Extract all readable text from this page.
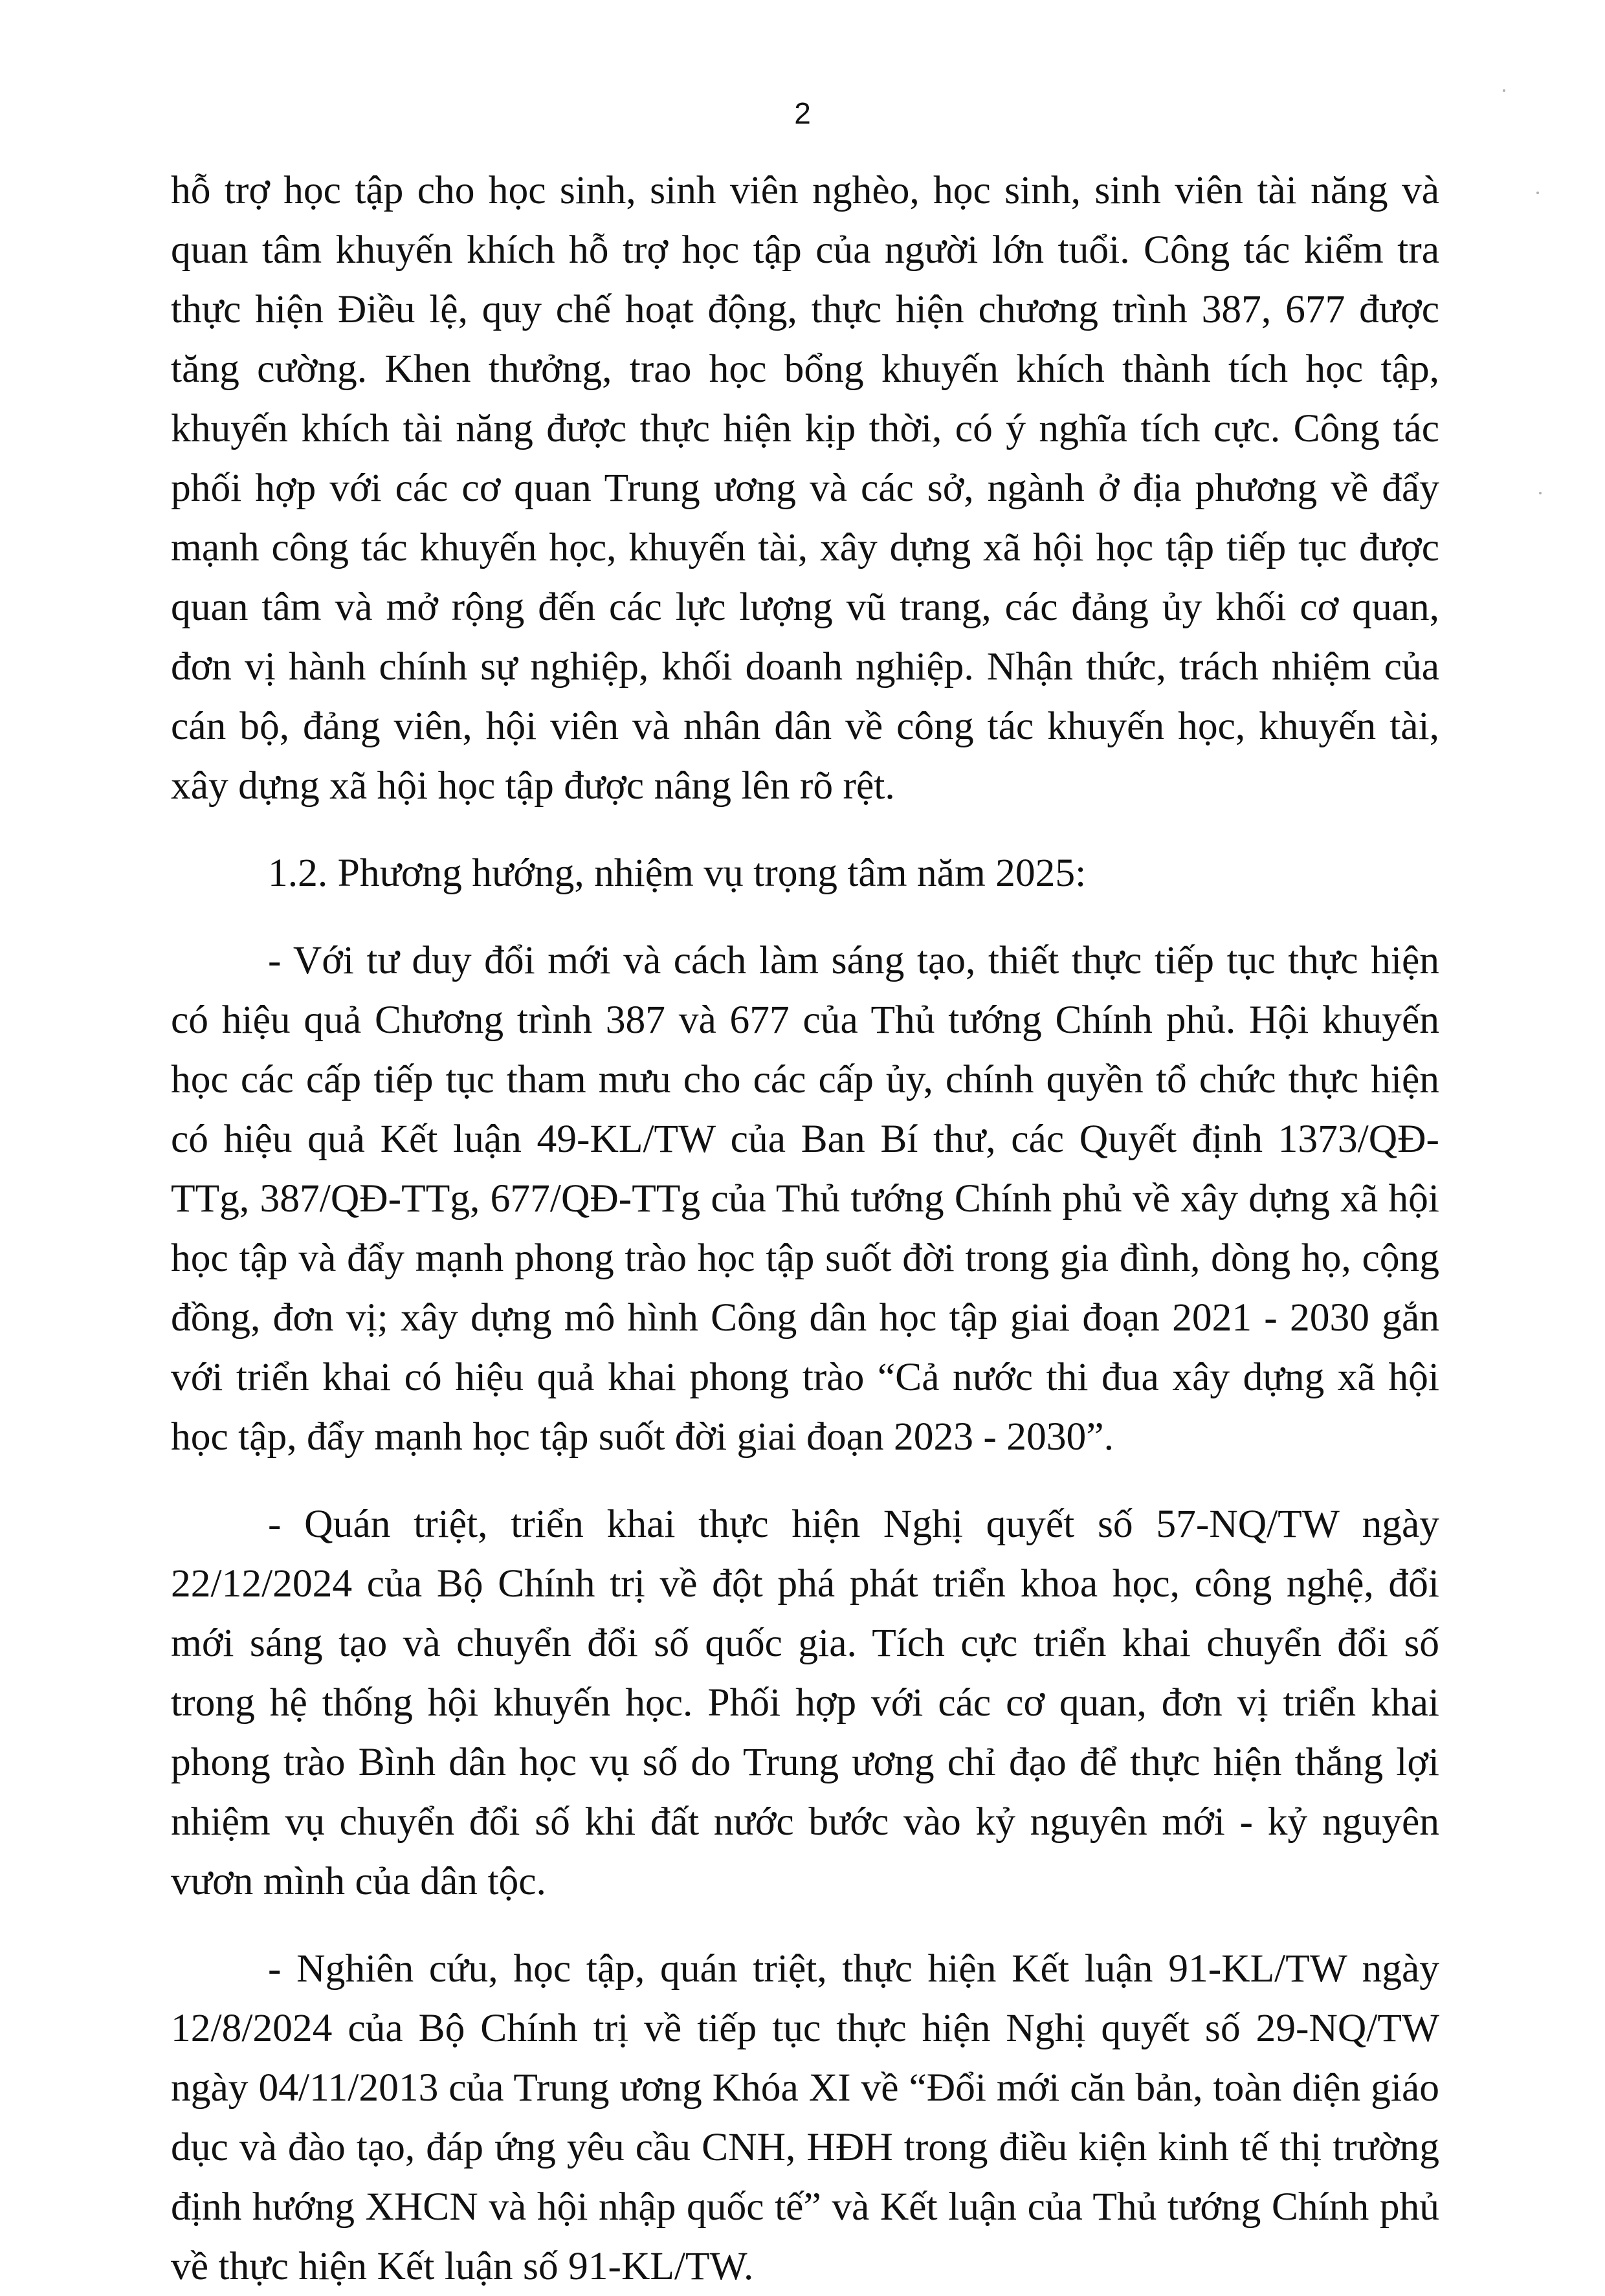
2

hỗ trợ học tập cho học sinh, sinh viên nghèo, học sinh, sinh viên tài năng và quan tâm khuyến khích hỗ trợ học tập của người lớn tuổi. Công tác kiểm tra thực hiện Điều lệ, quy chế hoạt động, thực hiện chương trình 387, 677 được tăng cường. Khen thưởng, trao học bổng khuyến khích thành tích học tập, khuyến khích tài năng được thực hiện kịp thời, có ý nghĩa tích cực. Công tác phối hợp với các cơ quan Trung ương và các sở, ngành ở địa phương về đẩy mạnh công tác khuyến học, khuyến tài, xây dựng xã hội học tập tiếp tục được quan tâm và mở rộng đến các lực lượng vũ trang, các đảng ủy khối cơ quan, đơn vị hành chính sự nghiệp, khối doanh nghiệp. Nhận thức, trách nhiệm của cán bộ, đảng viên, hội viên và nhân dân về công tác khuyến học, khuyến tài, xây dựng xã hội học tập được nâng lên rõ rệt.

1.2. Phương hướng, nhiệm vụ trọng tâm năm 2025:

- Với tư duy đổi mới và cách làm sáng tạo, thiết thực tiếp tục thực hiện có hiệu quả Chương trình 387 và 677 của Thủ tướng Chính phủ. Hội khuyến học các cấp tiếp tục tham mưu cho các cấp ủy, chính quyền tổ chức thực hiện có hiệu quả Kết luận 49-KL/TW của Ban Bí thư, các Quyết định 1373/QĐ-TTg, 387/QĐ-TTg, 677/QĐ-TTg của Thủ tướng Chính phủ về xây dựng xã hội học tập và đẩy mạnh phong trào học tập suốt đời trong gia đình, dòng họ, cộng đồng, đơn vị; xây dựng mô hình Công dân học tập giai đoạn 2021 - 2030 gắn với triển khai có hiệu quả khai phong trào “Cả nước thi đua xây dựng xã hội học tập, đẩy mạnh học tập suốt đời giai đoạn 2023 - 2030”.

- Quán triệt, triển khai thực hiện Nghị quyết số 57-NQ/TW ngày 22/12/2024 của Bộ Chính trị về đột phá phát triển khoa học, công nghệ, đổi mới sáng tạo và chuyển đổi số quốc gia. Tích cực triển khai chuyển đổi số trong hệ thống hội khuyến học. Phối hợp với các cơ quan, đơn vị triển khai phong trào Bình dân học vụ số do Trung ương chỉ đạo để thực hiện thắng lợi nhiệm vụ chuyển đổi số khi đất nước bước vào kỷ nguyên mới - kỷ nguyên vươn mình của dân tộc.

- Nghiên cứu, học tập, quán triệt, thực hiện Kết luận 91-KL/TW ngày 12/8/2024 của Bộ Chính trị về tiếp tục thực hiện Nghị quyết số 29-NQ/TW ngày 04/11/2013 của Trung ương Khóa XI về “Đổi mới căn bản, toàn diện giáo dục và đào tạo, đáp ứng yêu cầu CNH, HĐH trong điều kiện kinh tế thị trường định hướng XHCN và hội nhập quốc tế” và Kết luận của Thủ tướng Chính phủ về thực hiện Kết luận số 91-KL/TW.
